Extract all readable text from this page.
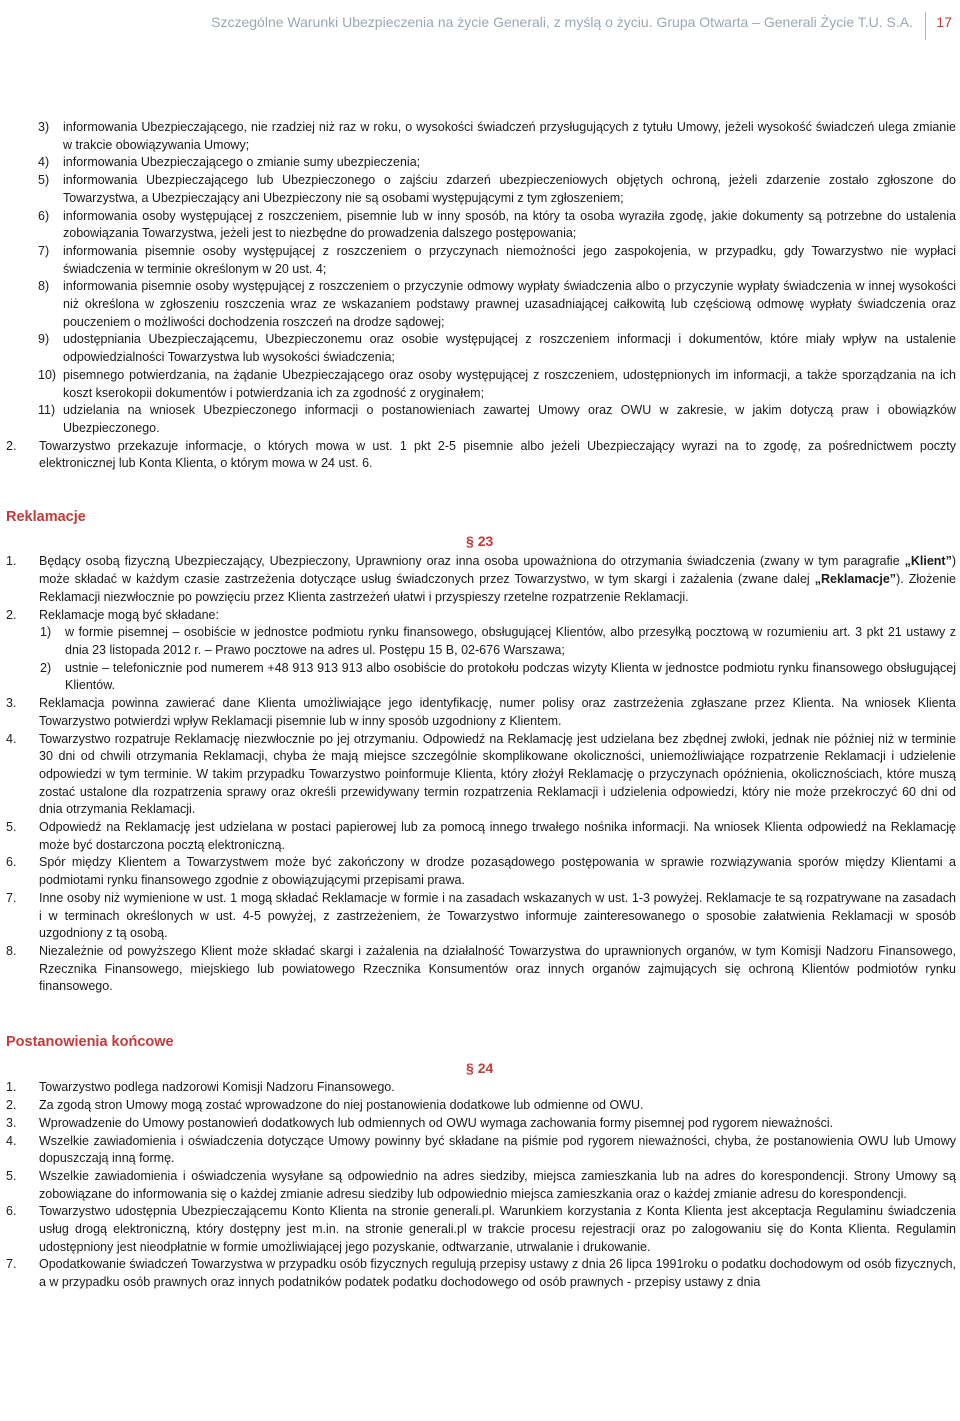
Szczególne Warunki Ubezpieczenia na życie Generali, z myślą o życiu. Grupa Otwarta – Generali Życie T.U. S.A. 17
3)	informowania Ubezpieczającego, nie rzadziej niż raz w roku, o wysokości świadczeń przysługujących z tytułu Umowy, jeżeli wysokość świadczeń ulega zmianie w trakcie obowiązywania Umowy;
4)	informowania Ubezpieczającego o zmianie sumy ubezpieczenia;
5)	informowania Ubezpieczającego lub Ubezpieczonego o zajściu zdarzeń ubezpieczeniowych objętych ochroną, jeżeli zdarzenie zostało zgłoszone do Towarzystwa, a Ubezpieczający ani Ubezpieczony nie są osobami występującymi z tym zgłoszeniem;
6)	informowania osoby występującej z roszczeniem, pisemnie lub w inny sposób, na który ta osoba wyraziła zgodę, jakie dokumenty są potrzebne do ustalenia zobowiązania Towarzystwa, jeżeli jest to niezbędne do prowadzenia dalszego postępowania;
7)	informowania pisemnie osoby występującej z roszczeniem o przyczynach niemożności jego zaspokojenia, w przypadku, gdy Towarzystwo nie wypłaci świadczenia w terminie określonym w 20 ust. 4;
8)	informowania pisemnie osoby występującej z roszczeniem o przyczynie odmowy wypłaty świadczenia albo o przyczynie wypłaty świadczenia w innej wysokości niż określona w zgłoszeniu roszczenia wraz ze wskazaniem podstawy prawnej uzasadniającej całkowitą lub częściową odmowę wypłaty świadczenia oraz pouczeniem o możliwości dochodzenia roszczeń na drodze sądowej;
9)	udostępniania Ubezpieczającemu, Ubezpieczonemu oraz osobie występującej z roszczeniem informacji i dokumentów, które miały wpływ na ustalenie odpowiedzialności Towarzystwa lub wysokości świadczenia;
10) pisemnego potwierdzania, na żądanie Ubezpieczającego oraz osoby występującej z roszczeniem, udostępnionych im informacji, a także sporządzania na ich koszt kserokopii dokumentów i potwierdzania ich za zgodność z oryginałem;
11) udzielania na wniosek Ubezpieczonego informacji o postanowieniach zawartej Umowy oraz OWU w zakresie, w jakim dotyczą praw i obowiązków Ubezpieczonego.
2.	Towarzystwo przekazuje informacje, o których mowa w ust. 1 pkt 2-5 pisemnie albo jeżeli Ubezpieczający wyrazi na to zgodę, za pośrednictwem poczty elektronicznej lub Konta Klienta, o którym mowa w 24 ust. 6.

Reklamacje

§ 23

1.	Będący osobą fizyczną Ubezpieczający, Ubezpieczony, Uprawniony oraz inna osoba upoważniona do otrzymania świadczenia (zwany w tym paragrafie „Klient”) może składać w każdym czasie zastrzeżenia dotyczące usług świadczonych przez Towarzystwo, w tym skargi i zażalenia (zwane dalej „Reklamacje”). Złożenie Reklamacji niezwłocznie po powzięciu przez Klienta zastrzeżeń ułatwi i przyspieszy rzetelne rozpatrzenie Reklamacji.
2.	Reklamacje mogą być składane:
1)	w formie pisemnej – osobiście w jednostce podmiotu rynku finansowego, obsługującej Klientów, albo przesyłką pocztową w rozumieniu art. 3 pkt 21 ustawy z dnia 23 listopada 2012 r. – Prawo pocztowe na adres ul. Postępu 15 B, 02-676 Warszawa;
2)	ustnie – telefonicznie pod numerem +48 913 913 913 albo osobiście do protokołu podczas wizyty Klienta w jednostce podmiotu rynku finansowego obsługującej Klientów.
3.	Reklamacja powinna zawierać dane Klienta umożliwiające jego identyfikację, numer polisy oraz zastrzeżenia zgłaszane przez Klienta. Na wniosek Klienta Towarzystwo potwierdzi wpływ Reklamacji pisemnie lub w inny sposób uzgodniony z Klientem.
4.	Towarzystwo rozpatruje Reklamację niezwłocznie po jej otrzymaniu. Odpowiedź na Reklamację jest udzielana bez zbędnej zwłoki, jednak nie później niż w terminie 30 dni od chwili otrzymania Reklamacji, chyba że mają miejsce szczególnie skomplikowane okoliczności, uniemożliwiające rozpatrzenie Reklamacji i udzielenie odpowiedzi w tym terminie. W takim przypadku Towarzystwo poinformuje Klienta, który złożył Reklamację o przyczynach opóźnienia, okolicznościach, które muszą zostać ustalone dla rozpatrzenia sprawy oraz określi przewidywany termin rozpatrzenia Reklamacji i udzielenia odpowiedzi, który nie może przekroczyć 60 dni od dnia otrzymania Reklamacji.
5.	Odpowiedź na Reklamację jest udzielana w postaci papierowej lub za pomocą innego trwałego nośnika informacji. Na wniosek Klienta odpowiedź na Reklamację może być dostarczona pocztą elektroniczną.
6.	Spór między Klientem a Towarzystwem może być zakończony w drodze pozasądowego postępowania w sprawie rozwiązywania sporów między Klientami a podmiotami rynku finansowego zgodnie z obowiązującymi przepisami prawa.
7.	Inne osoby niż wymienione w ust. 1 mogą składać Reklamacje w formie i na zasadach wskazanych w ust. 1-3 powyżej. Reklamacje te są rozpatrywane na zasadach i w terminach określonych w ust. 4-5 powyżej, z zastrzeżeniem, że Towarzystwo informuje zainteresowanego o sposobie załatwienia Reklamacji w sposób uzgodniony z tą osobą.
8.	Niezależnie od powyższego Klient może składać skargi i zażalenia na działalność Towarzystwa do uprawnionych organów, w tym Komisji Nadzoru Finansowego, Rzecznika Finansowego, miejskiego lub powiatowego Rzecznika Konsumentów oraz innych organów zajmujących się ochroną Klientów podmiotów rynku finansowego.

Postanowienia końcowe

§ 24

1.	Towarzystwo podlega nadzorowi Komisji Nadzoru Finansowego.
2.	Za zgodą stron Umowy mogą zostać wprowadzone do niej postanowienia dodatkowe lub odmienne od OWU.
3.	Wprowadzenie do Umowy postanowień dodatkowych lub odmiennych od OWU wymaga zachowania formy pisemnej pod rygorem nieważności.
4.	Wszelkie zawiadomienia i oświadczenia dotyczące Umowy powinny być składane na piśmie pod rygorem nieważności, chyba, że postanowienia OWU lub Umowy dopuszczają inną formę.
5.	Wszelkie zawiadomienia i oświadczenia wysyłane są odpowiednio na adres siedziby, miejsca zamieszkania lub na adres do korespondencji. Strony Umowy są zobowiązane do informowania się o każdej zmianie adresu siedziby lub odpowiednio miejsca zamieszkania oraz o każdej zmianie adresu do korespondencji.
6.	Towarzystwo udostępnia Ubezpieczającemu Konto Klienta na stronie generali.pl. Warunkiem korzystania z Konta Klienta jest akceptacja Regulaminu świadczenia usług drogą elektroniczną, który dostępny jest m.in. na stronie generali.pl w trakcie procesu rejestracji oraz po zalogowaniu się do Konta Klienta. Regulamin udostępniony jest nieodpłatnie w formie umożliwiającej jego pozyskanie, odtwarzanie, utrwalanie i drukowanie.
7.	Opodatkowanie świadczeń Towarzystwa w przypadku osób fizycznych regulują przepisy ustawy z dnia 26 lipca 1991roku o podatku dochodowym od osób fizycznych, a w przypadku osób prawnych oraz innych podatników podatek podatku dochodowego od osób prawnych - przepisy ustawy z dnia
